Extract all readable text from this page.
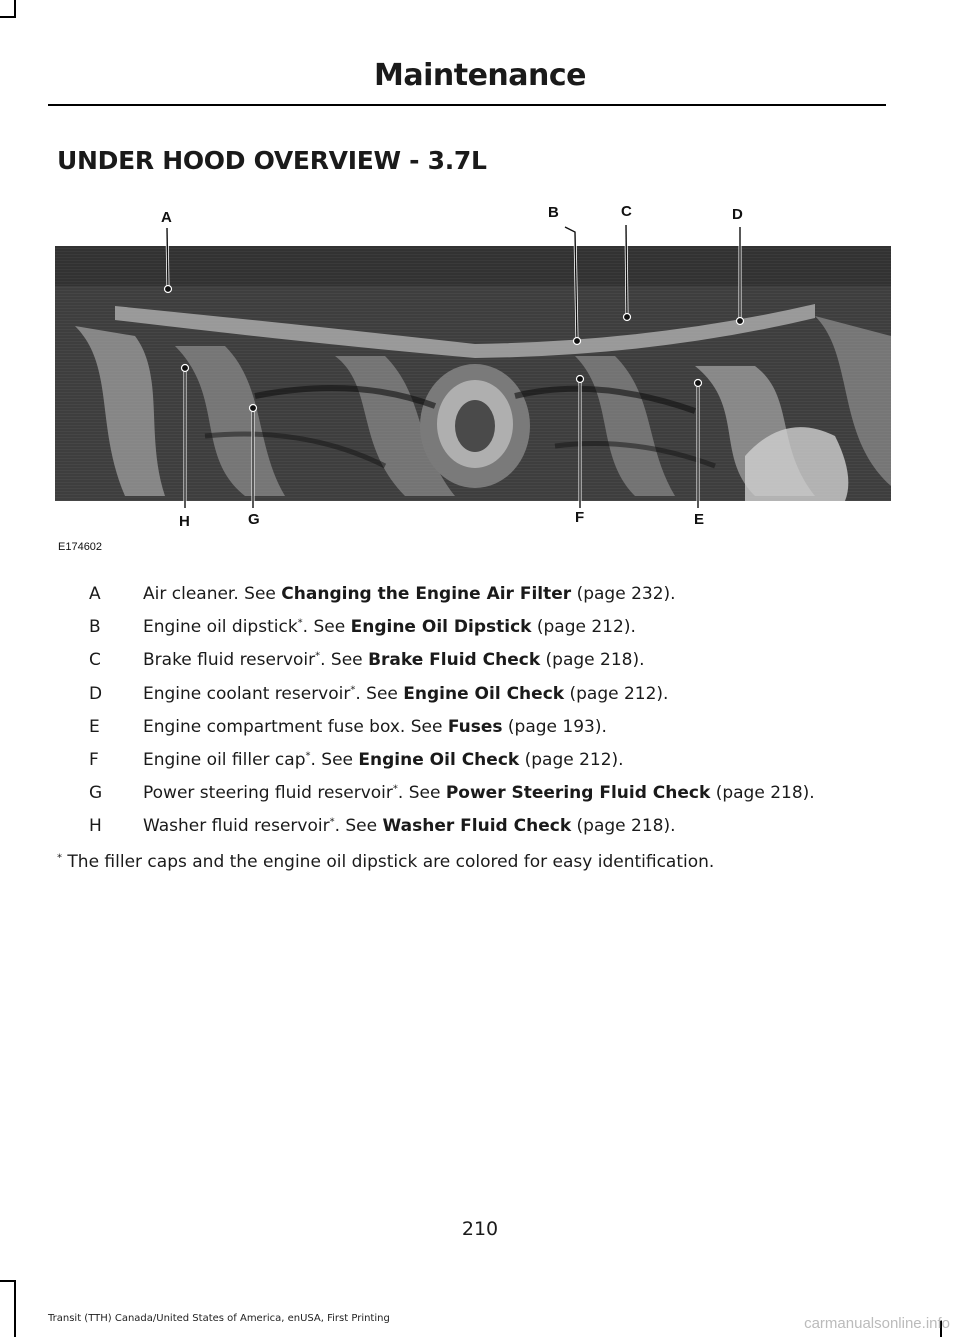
Maintenance
UNDER HOOD OVERVIEW - 3.7L
A	B	C	D
E
F
G
H
E174602
A	Air cleaner. See Changing the Engine Air Filter (page 232).
B	Engine oil dipstick*. See Engine Oil Dipstick (page 212).
C	Brake fluid reservoir*. See Brake Fluid Check (page 218).
D	Engine coolant reservoir*. See Engine Oil Check (page 212).
E	Engine compartment fuse box. See Fuses (page 193).
F	Engine oil filler cap*. See Engine Oil Check (page 212).
G	Power steering fluid reservoir*. See Power Steering Fluid Check (page 218).
H	Washer fluid reservoir*. See Washer Fluid Check (page 218).
* The filler caps and the engine oil dipstick are colored for easy identification.
210
Transit (TTH) Canada/United States of America, enUSA, First Printing	carmanualsonline.info
